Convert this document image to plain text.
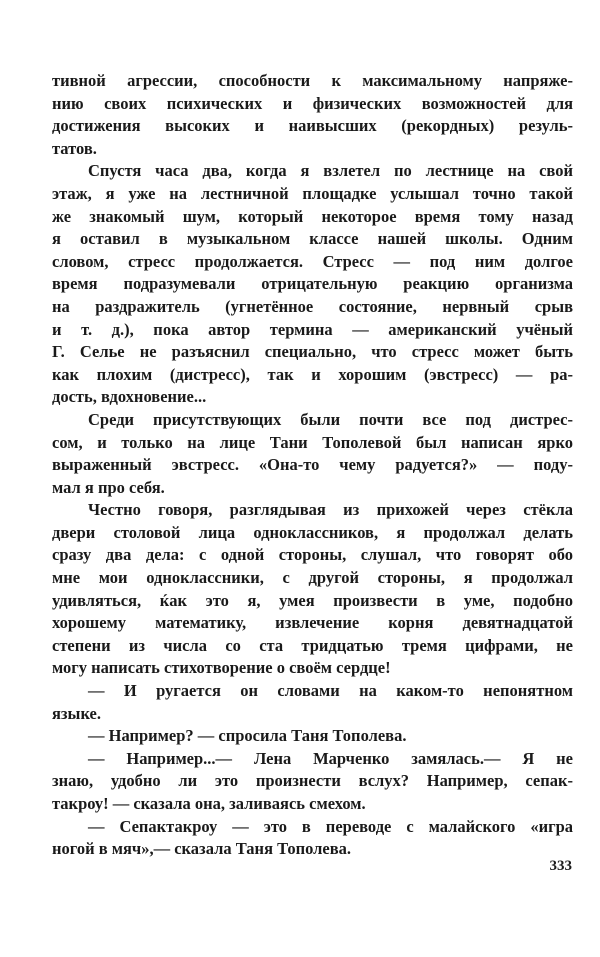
тивной агрессии, способности к максимальному напряже-
нию своих психических и физических возможностей для
достижения высоких и наивысших (рекордных) резуль-
татов.
Спустя часа два, когда я взлетел по лестнице на свой
этаж, я уже на лестничной площадке услышал точно такой
же знакомый шум, который некоторое время тому назад
я оставил в музыкальном классе нашей школы. Одним
словом, стресс продолжается. Стресс — под ним долгое
время подразумевали отрицательную реакцию организма
на раздражитель (угнетённое состояние, нервный срыв
и т. д.), пока автор термина — американский учёный
Г. Селье не разъяснил специально, что стресс может быть
как плохим (дистресс), так и хорошим (эвстресс) — ра-
дость, вдохновение...
Среди присутствующих были почти все под дистрес-
сом, и только на лице Тани Тополевой был написан ярко
выраженный эвстресс. «Она-то чему радуется?» — поду-
мал я про себя.
Честно говоря, разглядывая из прихожей через стёкла
двери столовой лица одноклассников, я продолжал делать
сразу два дела: с одной стороны, слушал, что говорят обо
мне мои одноклассники, с другой стороны, я продолжал
удивляться, ќак это я, умея произвести в уме, подобно
хорошему математику, извлечение корня девятнадцатой
степени из числа со ста тридцатью тремя цифрами, не
могу написать стихотворение о своём сердце!
— И ругается он словами на каком-то непонятном
языке.
— Например? — спросила Таня Тополева.
— Например...— Лена Марченко замялась.— Я не
знаю, удобно ли это произнести вслух? Например, сепак-
такроу! — сказала она, заливаясь смехом.
— Сепактакроу — это в переводе с малайского «игра
ногой в мяч»,— сказала Таня Тополева.
333
